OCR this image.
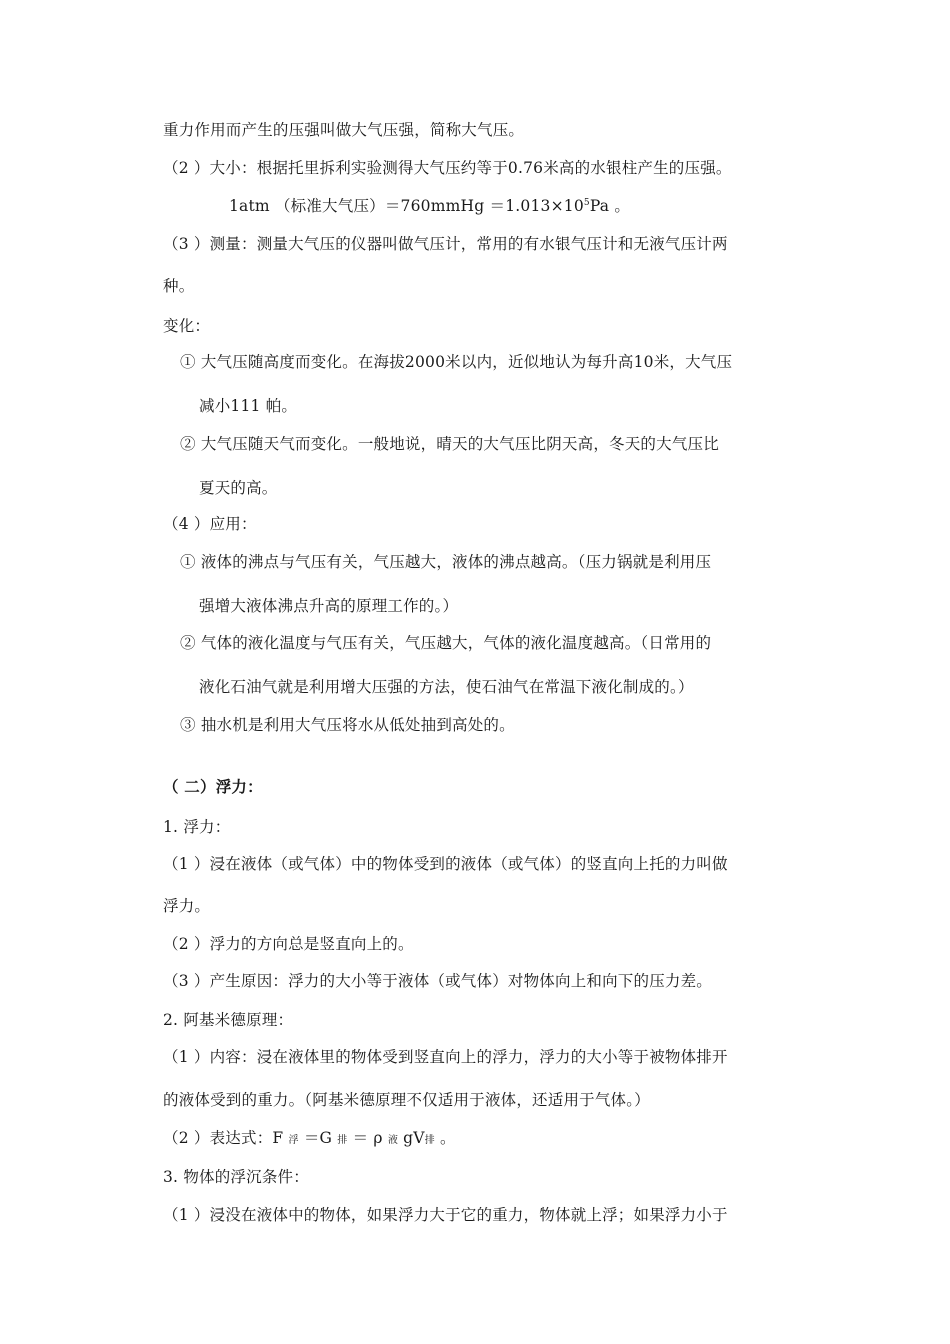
重力作用而产生的压强叫做大气压强，简称大气压。
（2 ）大小：根据托里拆利实验测得大气压约等于0.76米高的水银柱产生的压强。
1atm （标准大气压）＝760mmHg $=1.013\times 10^5Pa$ 。
（3 ）测量：测量大气压的仪器叫做气压计，常用的有水银气压计和无液气压计两
种。
变化：
① 大气压随高度而变化。在海拔2000米以内，近似地认为每升高10米，大气压
减小111 帕。
② 大气压随天气而变化。一般地说，晴天的大气压比阴天高，冬天的大气压比
夏天的高。
（4 ）应用：
① 液体的沸点与气压有关，气压越大，液体的沸点越高。（压力锅就是利用压
强增大液体沸点升高的原理工作的。）
② 气体的液化温度与气压有关，气压越大，气体的液化温度越高。（日常用的
液化石油气就是利用增大压强的方法，使石油气在常温下液化制成的。）
③ 抽水机是利用大气压将水从低处抽到高处的。
（ 二）浮力：
1. 浮力：
（1 ）浸在液体（或气体）中的物体受到的液体（或气体）的竖直向上托的力叫做
浮力。
（2 ）浮力的方向总是竖直向上的。
（3 ）产生原因：浮力的大小等于液体（或气体）对物体向上和向下的压力差。
2. 阿基米德原理：
（1 ）内容：浸在液体里的物体受到竖直向上的浮力，浮力的大小等于被物体排开
的液体受到的重力。（阿基米德原理不仅适用于液体，还适用于气体。）
（2 ）表达式：F 浮 ＝G 排 ＝ ρ 液 gV排 。
3. 物体的浮沉条件：
（1 ）浸没在液体中的物体，如果浮力大于它的重力，物体就上浮；如果浮力小于
